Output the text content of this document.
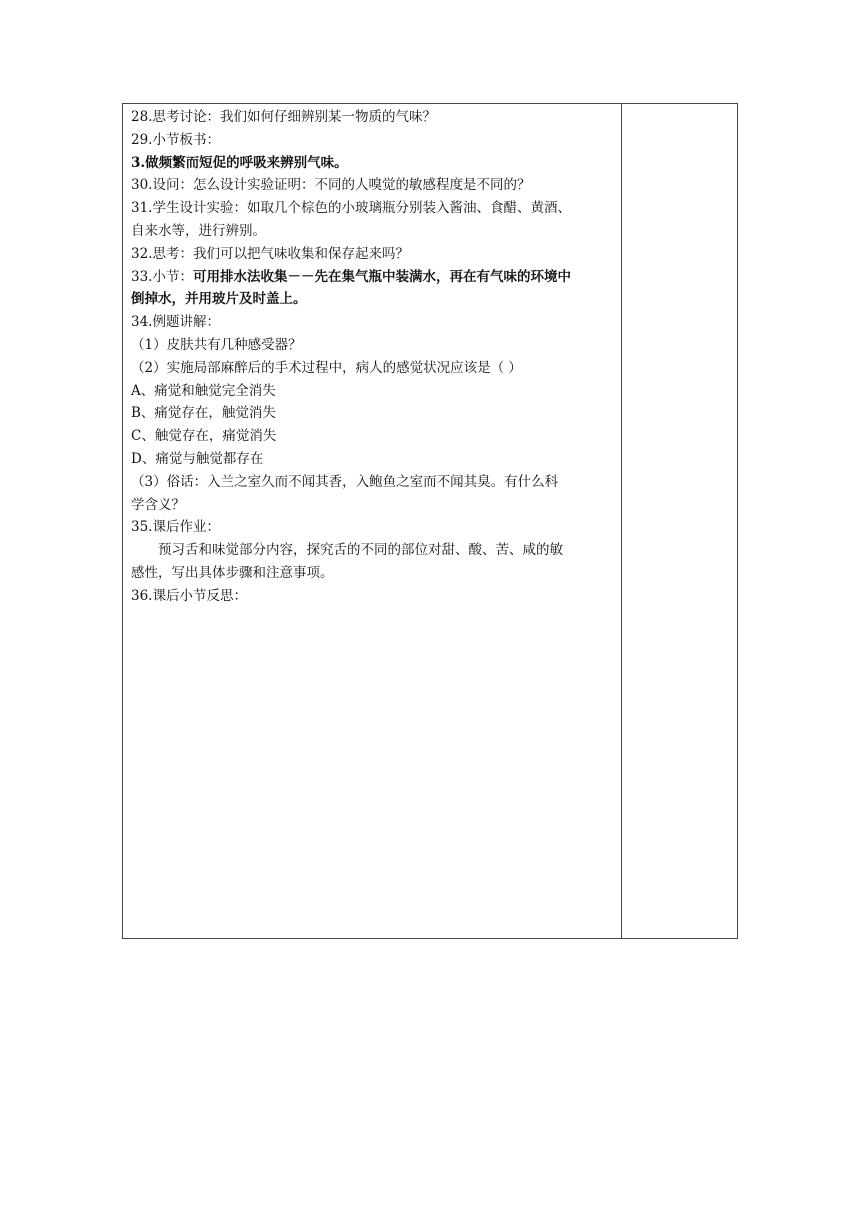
28.思考讨论：我们如何仔细辨别某一物质的气味？
29.小节板书：
3.做频繁而短促的呼吸来辨别气味。
30.设问：怎么设计实验证明：不同的人嗅觉的敏感程度是不同的？
31.学生设计实验：如取几个棕色的小玻璃瓶分别装入酱油、食醋、黄酒、
自来水等，进行辨别。
32.思考：我们可以把气味收集和保存起来吗？
33.小节：可用排水法收集－－先在集气瓶中装满水，再在有气味的环境中
倒掉水，并用玻片及时盖上。
34.例题讲解：
（1）皮肤共有几种感受器？
（2）实施局部麻醉后的手术过程中，病人的感觉状况应该是（ ）
A、痛觉和触觉完全消失
B、痛觉存在，触觉消失
C、触觉存在，痛觉消失
D、痛觉与触觉都存在
（3）俗话：入兰之室久而不闻其香，入鲍鱼之室而不闻其臭。有什么科
学含义？
35.课后作业：
预习舌和味觉部分内容，探究舌的不同的部位对甜、酸、苦、咸的敏
感性，写出具体步骤和注意事项。
36.课后小节反思：
